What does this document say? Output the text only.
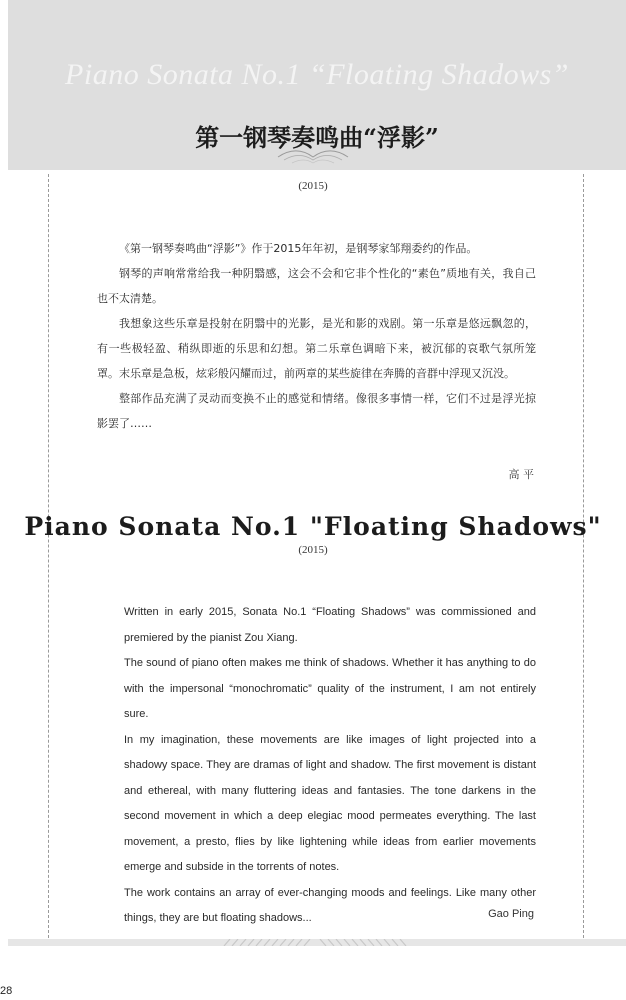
Piano Sonata No.1 “Floating Shadows”
第一钢琴奏鸣曲“浮影”
(2015)

《第一钢琴奏鸣曲“浮影”》作于2015年年初，是钢琴家邹翔委约的作品。

钢琴的声响常常给我一种阴翳感，这会不会和它非个性化的“素色”质地有关，我自己也不太清楚。

我想象这些乐章是投射在阴翳中的光影，是光和影的戏剧。第一乐章是悠远飘忽的，有一些极轻盈、稍纵即逝的乐思和幻想。第二乐章色调暗下来，被沉郁的哀歌气氛所笼罩。末乐章是急板，炫彩般闪耀而过，前两章的某些旋律在奔腾的音群中浮现又沉没。

整部作品充满了灵动而变换不止的感觉和情绪。像很多事情一样，它们不过是浮光掠影罢了……

高 平
Piano Sonata No.1 "Floating Shadows"
(2015)

Written in early 2015, Sonata No.1 “Floating Shadows” was commissioned and premiered by the pianist Zou Xiang.

The sound of piano often makes me think of shadows. Whether it has anything to do with the impersonal “monochromatic” quality of the instrument, I am not entirely sure.

In my imagination, these movements are like images of light projected into a shadowy space. They are dramas of light and shadow. The first movement is distant and ethereal, with many fluttering ideas and fantasies. The tone darkens in the second movement in which a deep elegiac mood permeates everything. The last movement, a presto, flies by like lightening while ideas from earlier movements emerge and subside in the torrents of notes.

The work contains an array of ever-changing moods and feelings. Like many other things, they are but floating shadows...	Gao Ping
28
